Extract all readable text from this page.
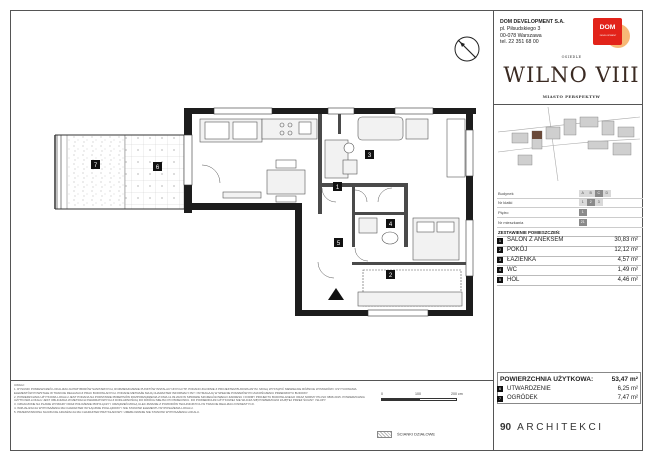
1
2
3
4
5
6
7

UWAGI:

1. RYSUNKI POMIESZCZEŃ LOKALIZACJA PRZYBORÓW SANITARNYCH, ROZMIESZCZENIE PUNKTÓW INSTALACYJNYCH ITP. PODANO ZGODNIE Z PROJEKTEM BUDOWLANYM. MOGĄ WYSTĄPIĆ NIEWIELKIE RÓŻNICE WYMIARÓW I USYTUOWANIA ELEMENTÓW POWSTAŁE W TRAKCIE REALIZACJI PRAC BUDOWLANYCH. PODANE METRAŻE MAJĄ CHARAKTER INFORMACYJNY I WYMAGAJĄ W SPEŁNIE POMIARÓW PO ZAKOŃCZENIU PRZEDMIOTU BUDOWY.

2. POWIERZCHNIA UŻYTKOWA LOKALU JEST PODANA NA PODSTAWIE PRZEPISÓW ROZPORZĄDZENIA Z DNIA 11.09.2020 W SPRAWIE SZCZEGÓŁOWEGO ZAKRESU I FORMY PROJEKTU BUDOWLANEGO ORAZ NORMY PN-ISO 9836:2015. POWIERZCHNIA UŻYTKOWA LOKALU JEST OBLICZANA W METRACH KWADRATOWYCH Z DOKŁADNOŚCIĄ DO DWÓCH MIEJSC PO PRZECINKU. DO POWIERZCHNI UŻYTKOWEJ NIE WLICZA SIĘ POWIERZCHNI ZAJĘTEJ PRZEZ ŚCIANY I SŁUPY.

3. OZNACZONE NA PLANIE WYMIARY ORAZ POŁOŻENIE PRZYŁĄCZY I URZĄDZEŃ MOGĄ ULEC ZMIANIE Z POWODÓW TECHNICZNYCH W TRAKCIE REALIZACJI INWESTYCJI.

4. WIZUALIZACJA WYPOSAŻENIA MA CHARAKTER WYŁĄCZNIE POGLĄDOWY I NIE STANOWI ELEMENTU WYPOSAŻENIA LOKALU.

5. PRZEDSTAWIONA NA RZUCIE ARANŻACJA MA CHARAKTER PRZYKŁADOWY. UMEBLOWANIE NIE STANOWI WYPOSAŻENIA LOKALU.

0	100	200 cm
ŚCIANKI DZIAŁOWE
DOM DEVELOPMENT S.A.
pl. Piłsudskiego 3
00-078 Warszawa
tel. 22 351 68 00
DOM
DEVELOPMENT
OSIEDLE
WILNO VIII
MIASTO PERSPEKTYW
Budynek	A	B	C	D
Nr klatki	1	2	3
Piętro	1
Nr mieszkania	21
ZESTAWIENIE POMIESZCZEŃ:
1 SALON Z ANEKSEM	30,83 m²
2 POKÓJ	12,12 m²
3 ŁAZIENKA	4,57 m²
4 WC	1,49 m²
5 HOL	4,46 m²
POWIERZCHNIA UŻYTKOWA:	53,47 m²
6 UTWARDZENIE	6,25 m²
7 OGRÓDEK	7,47 m²
90 ARCHITEKCI
